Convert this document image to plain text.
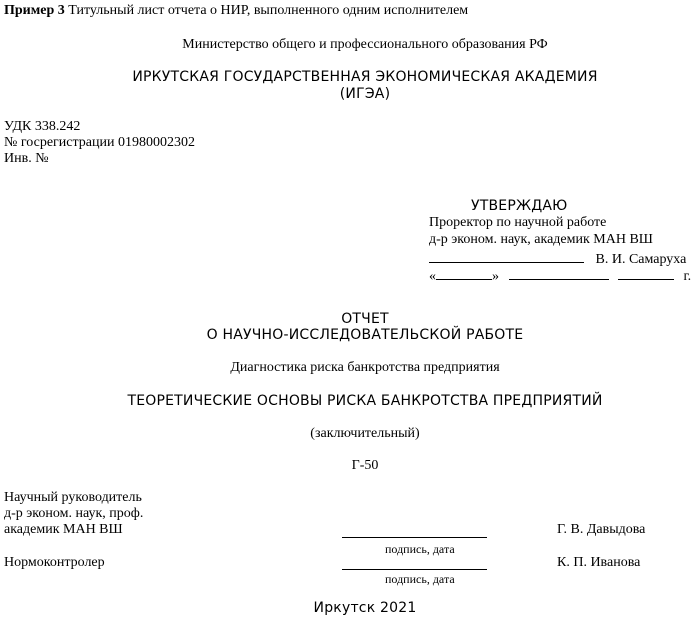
Пример 3 Титульный лист отчета о НИР, выполненного одним исполнителем
Министерство общего и профессионального образования РФ
ИРКУТСКАЯ ГОСУДАРСТВЕННАЯ ЭКОНОМИЧЕСКАЯ АКАДЕМИЯ
(ИГЭА)
УДК 338.242
№ госрегистрации 01980002302
Инв. №
УТВЕРЖДАЮ
Проректор по научной работе
д-р эконом. наук, академик МАН ВШ
В. И. Самаруха
«	»	г.
ОТЧЕТ
О НАУЧНО-ИССЛЕДОВАТЕЛЬСКОЙ РАБОТЕ
Диагностика риска банкротства предприятия
ТЕОРЕТИЧЕСКИЕ ОСНОВЫ РИСКА БАНКРОТСТВА ПРЕДПРИЯТИЙ
(заключительный)
Г-50
Научный руководитель
д-р эконом. наук, проф.
академик МАН ВШ
подпись, дата
Г. В. Давыдова
Нормоконтролер
подпись, дата
К. П. Иванова
Иркутск 2021
